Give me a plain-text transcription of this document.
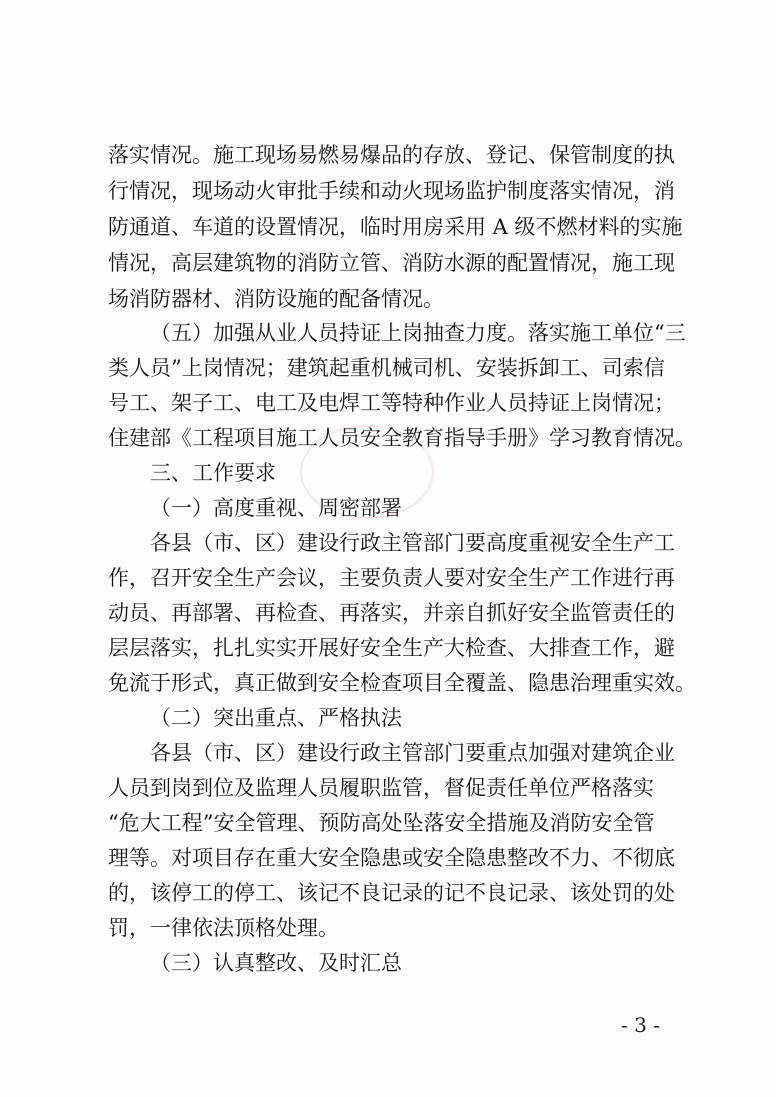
落实情况。施工现场易燃易爆品的存放、登记、保管制度的执

行情况，现场动火审批手续和动火现场监护制度落实情况，消

防通道、车道的设置情况，临时用房采用 A 级不燃材料的实施

情况，高层建筑物的消防立管、消防水源的配置情况，施工现

场消防器材、消防设施的配备情况。

（五）加强从业人员持证上岗抽查力度。落实施工单位“三

类人员”上岗情况；建筑起重机械司机、安装拆卸工、司索信

号工、架子工、电工及电焊工等特种作业人员持证上岗情况；

住建部《工程项目施工人员安全教育指导手册》学习教育情况。

三、工作要求

（一）高度重视、周密部署

各县（市、区）建设行政主管部门要高度重视安全生产工

作，召开安全生产会议，主要负责人要对安全生产工作进行再

动员、再部署、再检查、再落实，并亲自抓好安全监管责任的

层层落实，扎扎实实开展好安全生产大检查、大排查工作，避

免流于形式，真正做到安全检查项目全覆盖、隐患治理重实效。

（二）突出重点、严格执法

各县（市、区）建设行政主管部门要重点加强对建筑企业

人员到岗到位及监理人员履职监管，督促责任单位严格落实

“危大工程”安全管理、预防高处坠落安全措施及消防安全管

理等。对项目存在重大安全隐患或安全隐患整改不力、不彻底

的，该停工的停工、该记不良记录的记不良记录、该处罚的处

罚，一律依法顶格处理。

（三）认真整改、及时汇总

- 3 -
